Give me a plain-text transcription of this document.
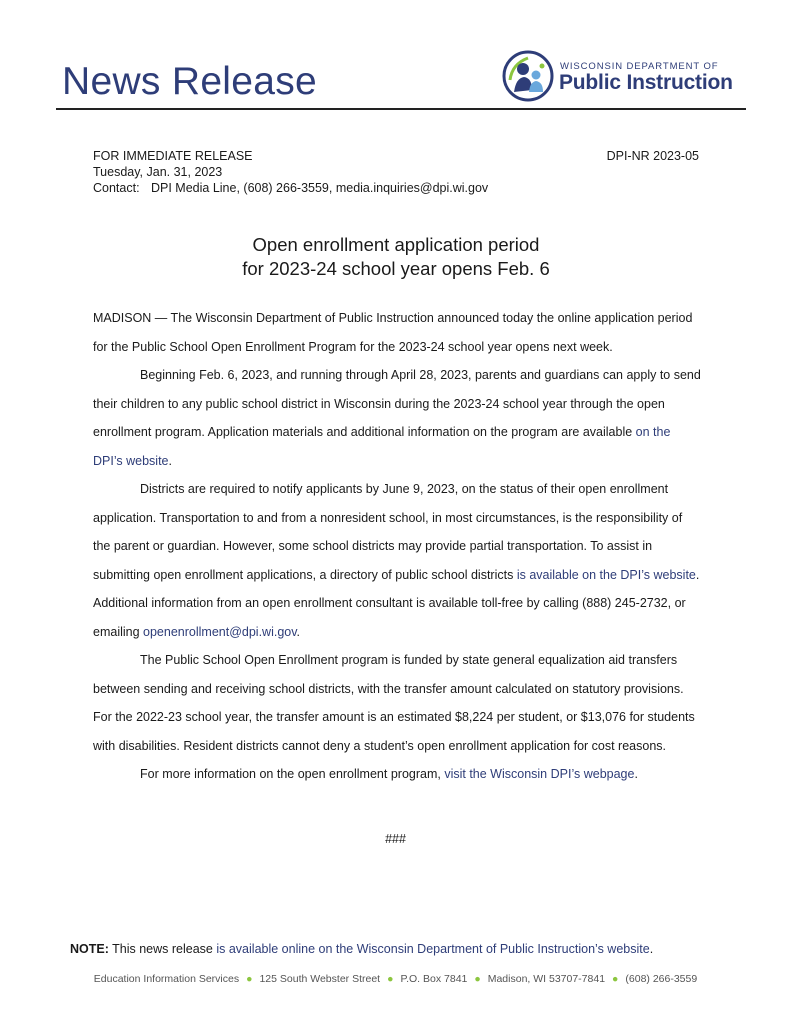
News Release	WISCONSIN DEPARTMENT OF
Public Instruction
FOR IMMEDIATE RELEASE	DPI-NR 2023-05
Tuesday, Jan. 31, 2023
Contact: DPI Media Line, (608) 266-3559, media.inquiries@dpi.wi.gov
Open enrollment application period
for 2023-24 school year opens Feb. 6

MADISON — The Wisconsin Department of Public Instruction announced today the online application period for the Public School Open Enrollment Program for the 2023-24 school year opens next week.

Beginning Feb. 6, 2023, and running through April 28, 2023, parents and guardians can apply to send their children to any public school district in Wisconsin during the 2023-24 school year through the open enrollment program. Application materials and additional information on the program are available on the DPI’s website.

Districts are required to notify applicants by June 9, 2023, on the status of their open enrollment application. Transportation to and from a nonresident school, in most circumstances, is the responsibility of the parent or guardian. However, some school districts may provide partial transportation. To assist in submitting open enrollment applications, a directory of public school districts is available on the DPI’s website. Additional information from an open enrollment consultant is available toll-free by calling (888) 245-2732, or emailing openenrollment@dpi.wi.gov.

The Public School Open Enrollment program is funded by state general equalization aid transfers between sending and receiving school districts, with the transfer amount calculated on statutory provisions. For the 2022-23 school year, the transfer amount is an estimated $8,224 per student, or $13,076 for students with disabilities. Resident districts cannot deny a student’s open enrollment application for cost reasons.

For more information on the open enrollment program, visit the Wisconsin DPI’s webpage.

###
NOTE: This news release is available online on the Wisconsin Department of Public Instruction’s website.
Education Information Services ● 125 South Webster Street ● P.O. Box 7841 ● Madison, WI 53707-7841 ● (608) 266-3559
